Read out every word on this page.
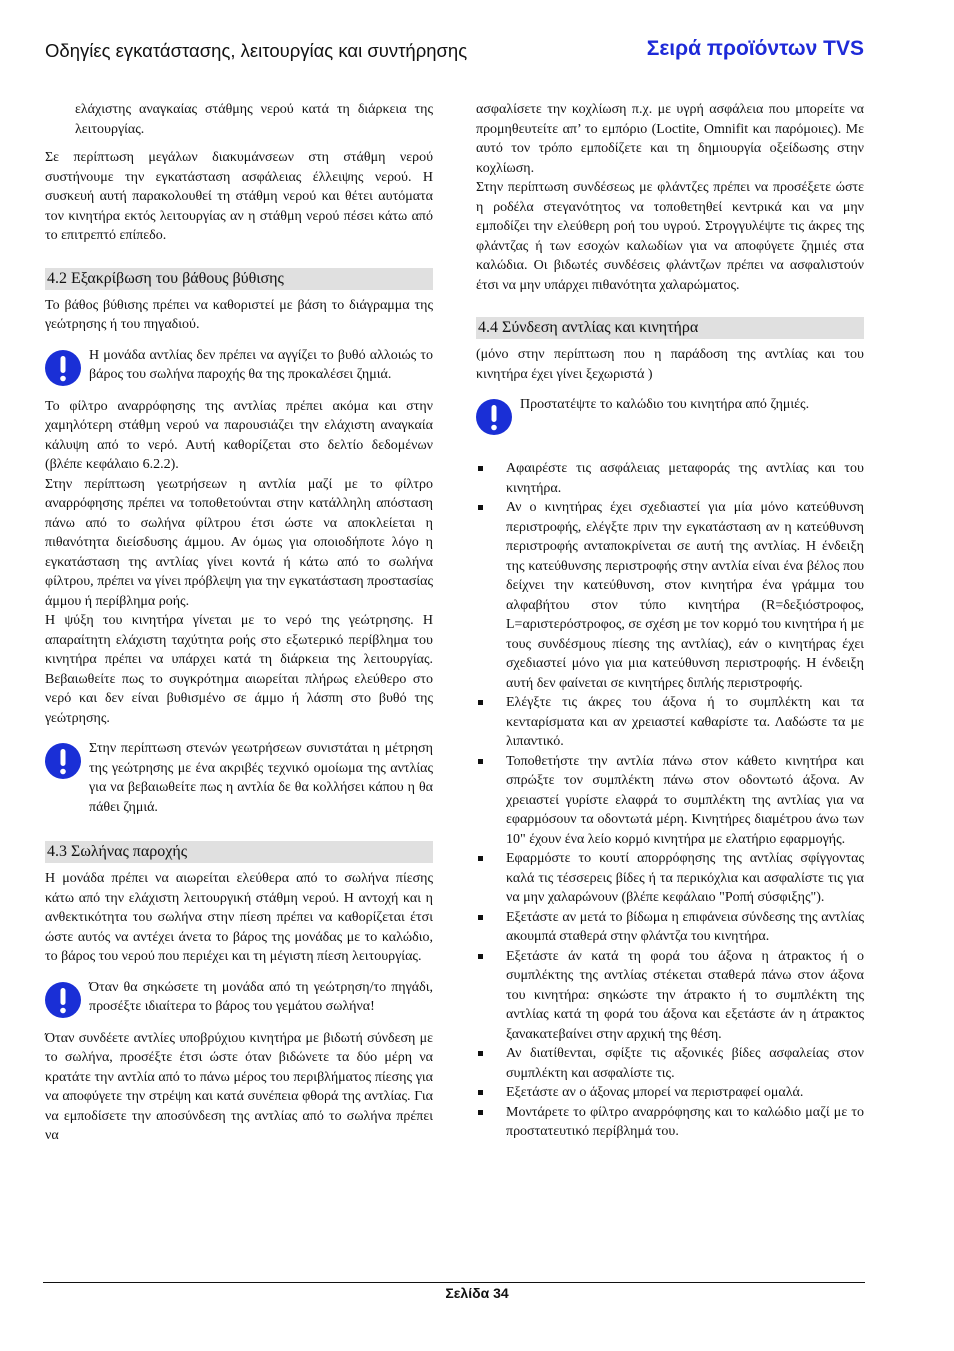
Οδηγίες εγκατάστασης, λειτουργίας και συντήρησης	Σειρά προϊόντων TVS

ελάχιστης αναγκαίας στάθμης νερού κατά τη διάρκεια της λειτουργίας.

Σε περίπτωση μεγάλων διακυμάνσεων στη στάθμη νερού συστήνουμε την εγκατάσταση ασφάλειας έλλειψης νερού. Η συσκευή αυτή παρακολουθεί τη στάθμη νερού και θέτει αυτόματα τον κινητήρα εκτός λειτουργίας αν η στάθμη νερού πέσει κάτω από το επιτρεπτό επίπεδο.

4.2 Εξακρίβωση του βάθους βύθισης

Το βάθος βύθισης πρέπει να καθοριστεί με βάση το διάγραμμα της γεώτρησης ή του πηγαδιού.

Η μονάδα αντλίας δεν πρέπει να αγγίζει το βυθό αλλοιώς το βάρος του σωλήνα παροχής θα της προκαλέσει ζημιά.

Το φίλτρο αναρρόφησης της αντλίας πρέπει ακόμα και στην χαμηλότερη στάθμη νερού να παρουσιάζει την ελάχιστη αναγκαία κάλυψη από το νερό. Αυτή καθορίζεται στο δελτίο δεδομένων (βλέπε κεφάλαιο 6.2.2).

Στην περίπτωση γεωτρήσεων η αντλία μαζί με το φίλτρο αναρρόφησης πρέπει να τοποθετούνται στην κατάλληλη απόσταση πάνω από το σωλήνα φίλτρου έτσι ώστε να αποκλείεται η πιθανότητα διείσδυσης άμμου. Αν όμως για οποιοδήποτε λόγο η εγκατάσταση της αντλίας γίνει κοντά ή κάτω από το σωλήνα φίλτρου, πρέπει να γίνει πρόβλεψη για την εγκατάσταση προστασίας άμμου ή περίβλημα ροής.

Η ψύξη του κινητήρα γίνεται με το νερό της γεώτρησης. Η απαραίτητη ελάχιστη ταχύτητα ροής στο εξωτερικό περίβλημα του κινητήρα πρέπει να υπάρχει κατά τη διάρκεια της λειτουργίας. Βεβαιωθείτε πως το συγκρότημα αιωρείται πλήρως ελεύθερο στο νερό και δεν είναι βυθισμένο σε άμμο ή λάσπη στο βυθό της γεώτρησης.

Στην περίπτωση στενών γεωτρήσεων συνιστάται η μέτρηση της γεώτρησης με ένα ακριβές τεχνικό ομοίωμα της αντλίας για να βεβαιωθείτε πως η αντλία δε θα κολλήσει κάπου η θα πάθει ζημιά.
4.3 Σωλήνας παροχής

Η μονάδα πρέπει να αιωρείται ελεύθερα από το σωλήνα πίεσης κάτω από την ελάχιστη λειτουργική στάθμη νερού. Η αντοχή και η ανθεκτικότητα του σωλήνα στην πίεση πρέπει να καθορίζεται έτσι ώστε αυτός να αντέχει άνετα το βάρος της μονάδας με το καλώδιο, το βάρος του νερού που περιέχει και τη μέγιστη πίεση λειτουργίας.

Όταν θα σηκώσετε τη μονάδα από τη γεώτρηση/το πηγάδι, προσέξτε ιδιαίτερα το βάρος του γεμάτου σωλήνα!

Όταν συνδέετε αντλίες υποβρύχιου κινητήρα με βιδωτή σύνδεση με το σωλήνα, προσέξτε έτσι ώστε όταν βιδώνετε τα δύο μέρη να κρατάτε την αντλία από το πάνω μέρος του περιβλήματος πίεσης για να αποφύγετε την στρέψη και κατά συνέπεια φθορά της αντλίας. Για να εμποδίσετε την αποσύνδεση της αντλίας από το σωλήνα πρέπει να

ασφαλίσετε την κοχλίωση π.χ. με υγρή ασφάλεια που μπορείτε να προμηθευτείτε απ’ το εμπόριο (Loctite, Omnifit και παρόμοιες). Με αυτό τον τρόπο εμποδίζετε και τη δημιουργία οξείδωσης στην κοχλίωση.

Στην περίπτωση συνδέσεως με φλάντζες πρέπει να προσέξετε ώστε η ροδέλα στεγανότητος να τοποθετηθεί κεντρικά και να μην εμποδίζει την ελεύθερη ροή του υγρού. Στρογγυλέψτε τις άκρες της φλάντζας ή των εσοχών καλωδίων για να αποφύγετε ζημιές στα καλώδια. Οι βιδωτές συνδέσεις φλάντζων πρέπει να ασφαλιστούν έτσι να μην υπάρχει πιθανότητα χαλαρώματος.

4.4 Σύνδεση αντλίας και κινητήρα

(μόνο στην περίπτωση που η παράδοση της αντλίας και του κινητήρα έχει γίνει ξεχωριστά )

Προστατέψτε το καλώδιο του κινητήρα από ζημιές.
Αφαιρέστε τις ασφάλειας μεταφοράς της αντλίας και του κινητήρα.
Αν ο κινητήρας έχει σχεδιαστεί για μία μόνο κατεύθυνση περιστροφής, ελέγξτε πριν την εγκατάσταση αν η κατεύθυνση περιστροφής ανταποκρίνεται σε αυτή της αντλίας. Η ένδειξη της κατεύθυνσης περιστροφής στην αντλία είναι ένα βέλος που δείχνει την κατεύθυνση, στον κινητήρα ένα γράμμα του αλφαβήτου στον τύπο κινητήρα (R=δεξιόστροφος, L=αριστερόστροφος, σε σχέση με τον κορμό του κινητήρα ή με τους συνδέσμους πίεσης της αντλίας), εάν ο κινητήρας έχει σχεδιαστεί μόνο για μια κατεύθυνση περιστροφής. Η ένδειξη αυτή δεν φαίνεται σε κινητήρες διπλής περιστροφής.
Ελέγξτε τις άκρες του άξονα ή το συμπλέκτη και τα κενταρίσματα και αν χρειαστεί καθαρίστε τα. Λαδώστε τα με λιπαντικό.
Τοποθετήστε την αντλία πάνω στον κάθετο κινητήρα και σπρώξτε τον συμπλέκτη πάνω στον οδοντωτό άξονα. Αν χρειαστεί γυρίστε ελαφρά το συμπλέκτη της αντλίας για να εφαρμόσουν τα οδοντωτά μέρη. Κινητήρες διαμέτρου άνω των 10" έχουν ένα λείο κορμό κινητήρα με ελατήριο εφαρμογής.
Εφαρμόστε το κουτί απορρόφησης της αντλίας σφίγγοντας καλά τις τέσσερεις βίδες ή τα περικόχλια και ασφαλίστε τις για να μην χαλαρώνουν (βλέπε κεφάλαιο "Ροπή σύσφιξης").
Εξετάστε αν μετά το βίδωμα η επιφάνεια σύνδεσης της αντλίας ακουμπά σταθερά στην φλάντζα του κινητήρα.
Εξετάστε άν κατά τη φορά του άξονα η άτρακτος ή ο συμπλέκτης της αντλίας στέκεται σταθερά πάνω στον άξονα του κινητήρα: σηκώστε την άτρακτο ή το συμπλέκτη της αντλίας κατά τη φορά του άξονα και εξετάστε άν η άτρακτος ξανακατεβαίνει στην αρχική της θέση.
Αν διατίθενται, σφίξτε τις αξονικές βίδες ασφαλείας στον συμπλέκτη και ασφαλίστε τις.
Εξετάστε αν ο άξονας μπορεί να περιστραφεί ομαλά.
Μοντάρετε το φίλτρο αναρρόφησης και το καλώδιο μαζί με το προστατευτικό περίβλημά του.
Σελίδα 34
